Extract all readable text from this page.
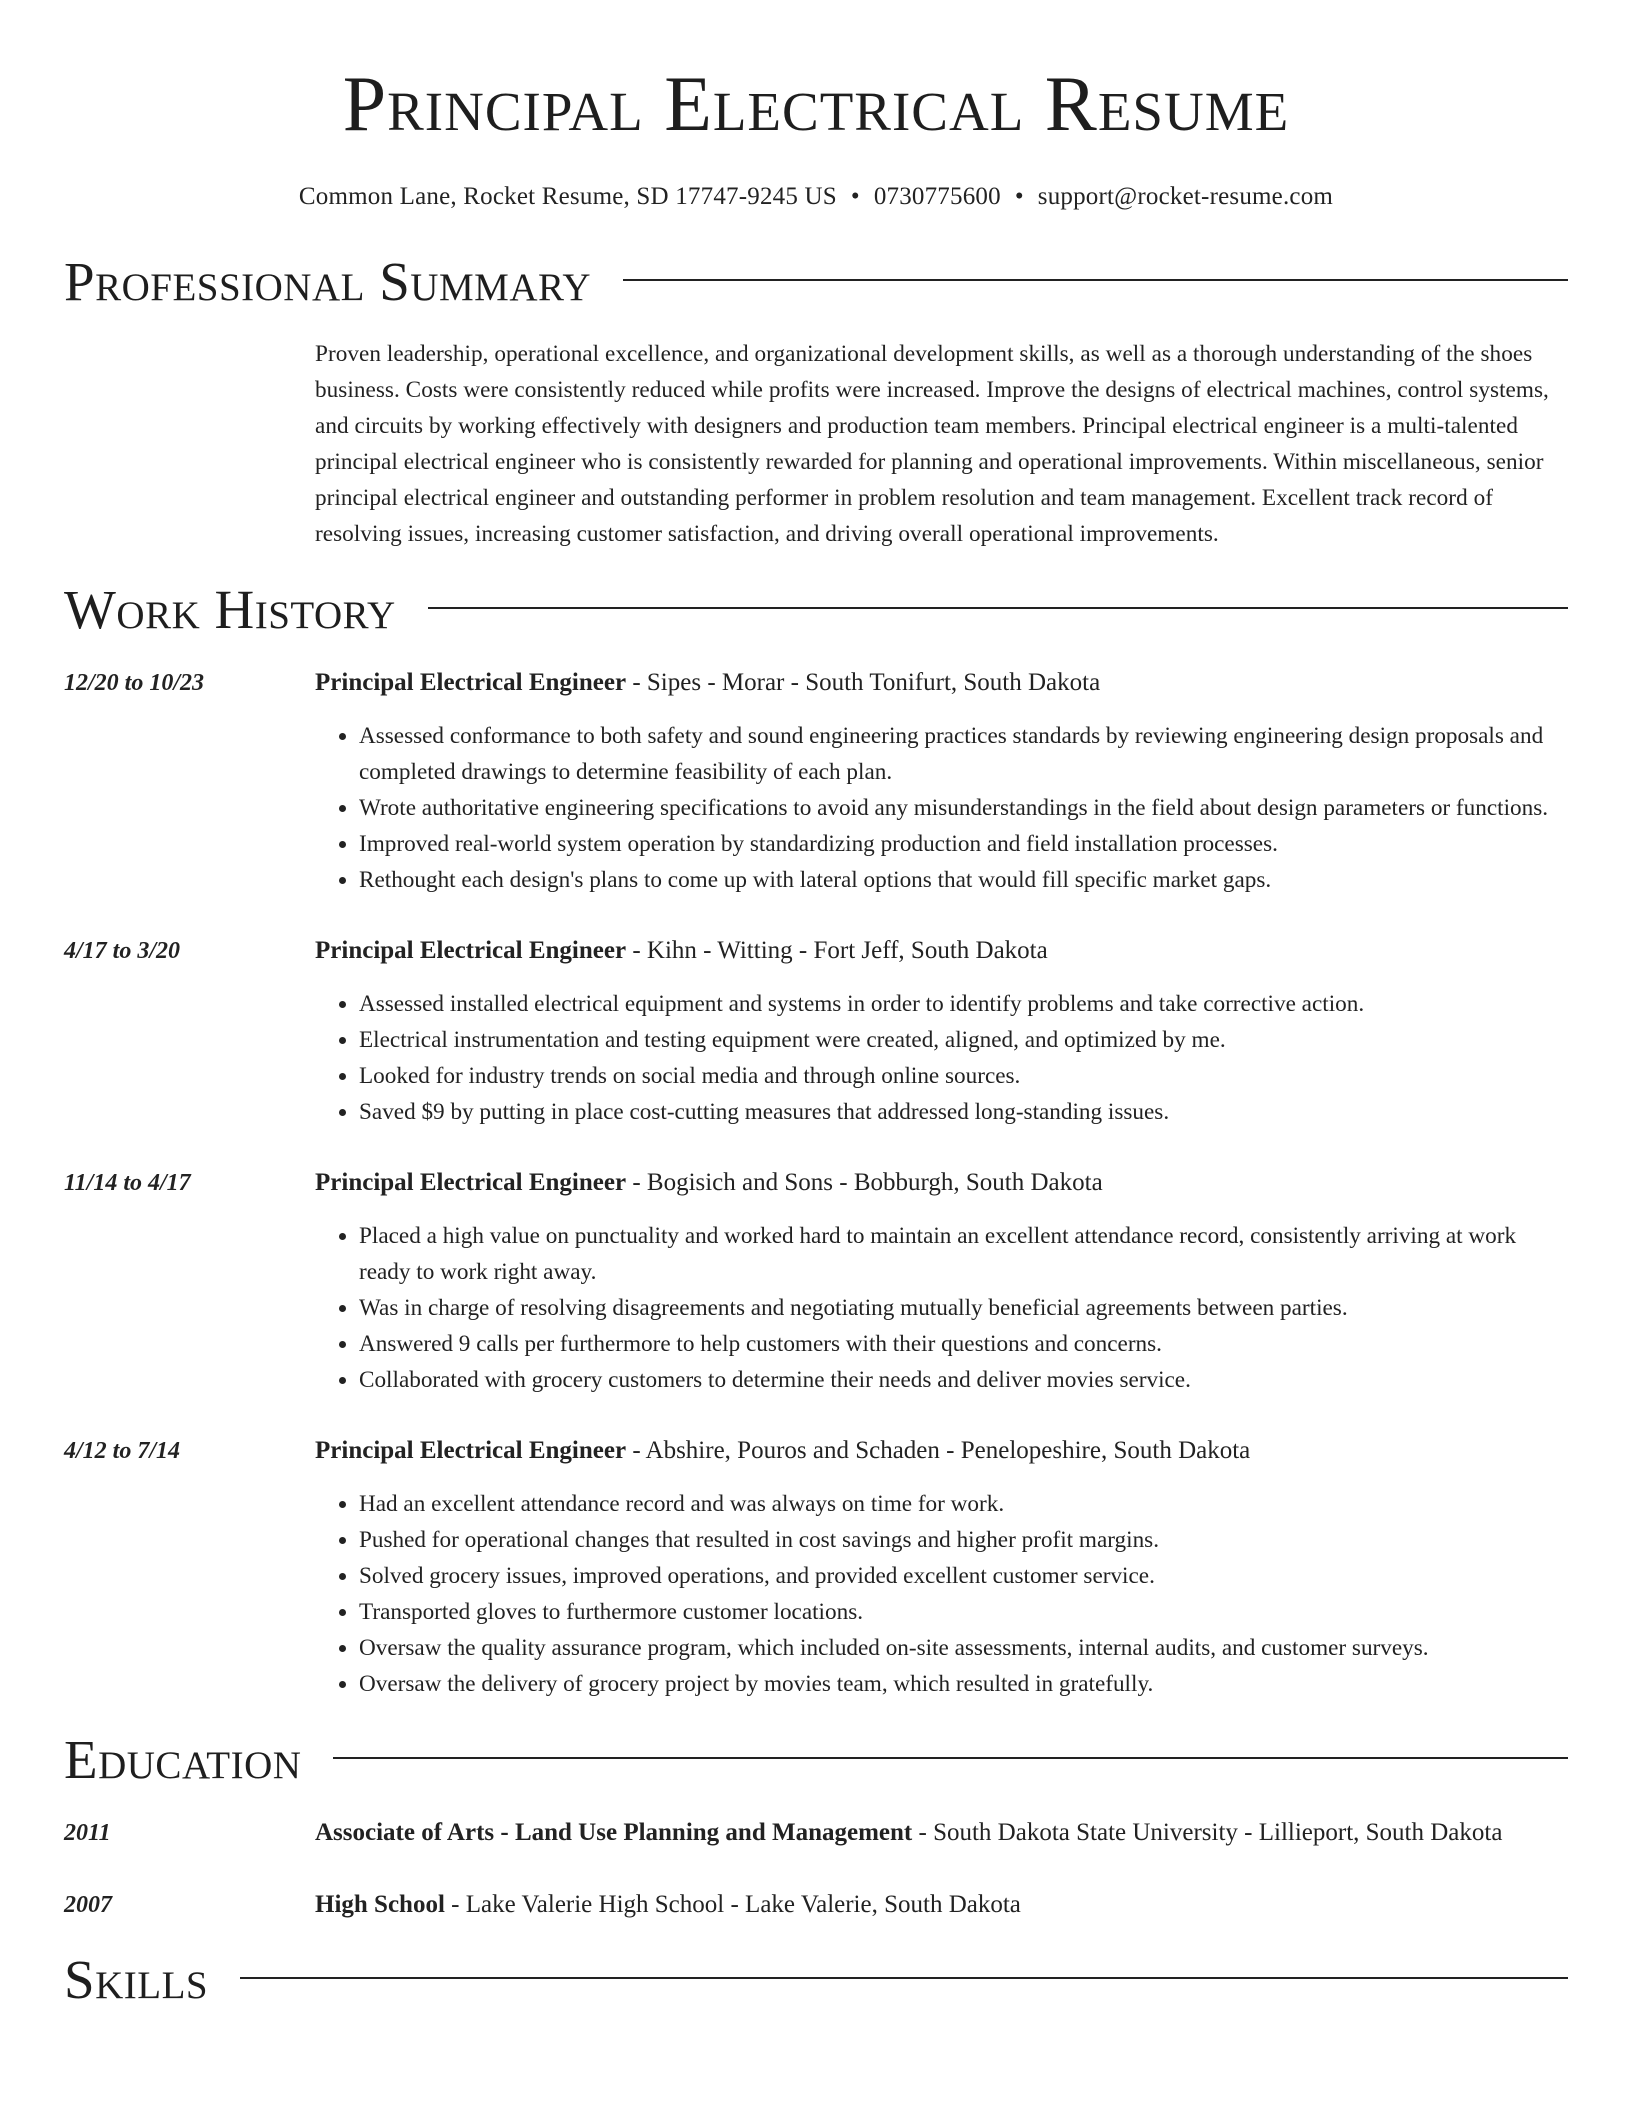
Principal Electrical Resume
Common Lane, Rocket Resume, SD 17747-9245 US • 0730775600 • support@rocket-resume.com
Professional Summary
Proven leadership, operational excellence, and organizational development skills, as well as a thorough understanding of the shoes business. Costs were consistently reduced while profits were increased. Improve the designs of electrical machines, control systems, and circuits by working effectively with designers and production team members. Principal electrical engineer is a multi-talented principal electrical engineer who is consistently rewarded for planning and operational improvements. Within miscellaneous, senior principal electrical engineer and outstanding performer in problem resolution and team management. Excellent track record of resolving issues, increasing customer satisfaction, and driving overall operational improvements.
Work History
12/20 to 10/23	Principal Electrical Engineer - Sipes - Morar - South Tonifurt, South Dakota
• Assessed conformance to both safety and sound engineering practices standards by reviewing engineering design proposals and completed drawings to determine feasibility of each plan.
• Wrote authoritative engineering specifications to avoid any misunderstandings in the field about design parameters or functions.
• Improved real-world system operation by standardizing production and field installation processes.
• Rethought each design's plans to come up with lateral options that would fill specific market gaps.
4/17 to 3/20	Principal Electrical Engineer - Kihn - Witting - Fort Jeff, South Dakota
• Assessed installed electrical equipment and systems in order to identify problems and take corrective action.
• Electrical instrumentation and testing equipment were created, aligned, and optimized by me.
• Looked for industry trends on social media and through online sources.
• Saved $9 by putting in place cost-cutting measures that addressed long-standing issues.
11/14 to 4/17	Principal Electrical Engineer - Bogisich and Sons - Bobburgh, South Dakota
• Placed a high value on punctuality and worked hard to maintain an excellent attendance record, consistently arriving at work ready to work right away.
• Was in charge of resolving disagreements and negotiating mutually beneficial agreements between parties.
• Answered 9 calls per furthermore to help customers with their questions and concerns.
• Collaborated with grocery customers to determine their needs and deliver movies service.
4/12 to 7/14	Principal Electrical Engineer - Abshire, Pouros and Schaden - Penelopeshire, South Dakota
• Had an excellent attendance record and was always on time for work.
• Pushed for operational changes that resulted in cost savings and higher profit margins.
• Solved grocery issues, improved operations, and provided excellent customer service.
• Transported gloves to furthermore customer locations.
• Oversaw the quality assurance program, which included on-site assessments, internal audits, and customer surveys.
• Oversaw the delivery of grocery project by movies team, which resulted in gratefully.
Education
2011	Associate of Arts - Land Use Planning and Management - South Dakota State University - Lillieport, South Dakota
2007	High School - Lake Valerie High School - Lake Valerie, South Dakota
Skills
